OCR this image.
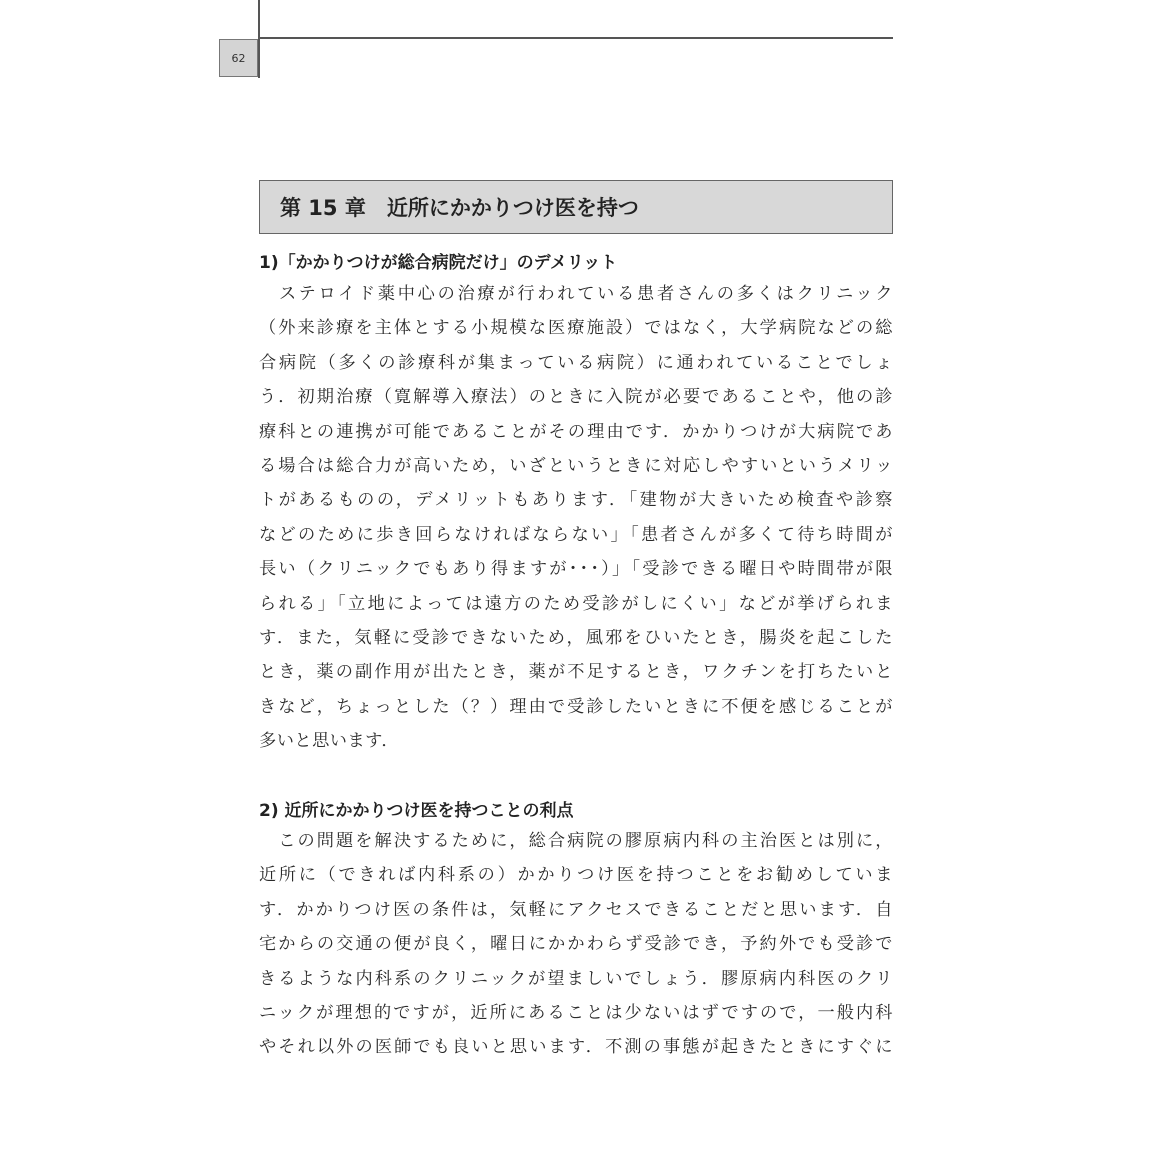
62
第 15 章　近所にかかりつけ医を持つ
1)「かかりつけが総合病院だけ」のデメリット
　ステロイド薬中心の治療が行われている患者さんの多くはクリニック
（外来診療を主体とする小規模な医療施設）ではなく，大学病院などの総
合病院（多くの診療科が集まっている病院）に通われていることでしょ
う．初期治療（寛解導入療法）のときに入院が必要であることや，他の診
療科との連携が可能であることがその理由です．かかりつけが大病院であ
る場合は総合力が高いため，いざというときに対応しやすいというメリッ
トがあるものの，デメリットもあります．「建物が大きいため検査や診察
などのために歩き回らなければならない」「患者さんが多くて待ち時間が
長い（クリニックでもあり得ますが･･･）」「受診できる曜日や時間帯が限
られる」「立地によっては遠方のため受診がしにくい」などが挙げられま
す．また，気軽に受診できないため，風邪をひいたとき，腸炎を起こした
とき，薬の副作用が出たとき，薬が不足するとき，ワクチンを打ちたいと
きなど，ちょっとした（？）理由で受診したいときに不便を感じることが
多いと思います．
2) 近所にかかりつけ医を持つことの利点
　この問題を解決するために，総合病院の膠原病内科の主治医とは別に，
近所に（できれば内科系の）かかりつけ医を持つことをお勧めしていま
す．かかりつけ医の条件は，気軽にアクセスできることだと思います．自
宅からの交通の便が良く，曜日にかかわらず受診でき，予約外でも受診で
きるような内科系のクリニックが望ましいでしょう．膠原病内科医のクリ
ニックが理想的ですが，近所にあることは少ないはずですので，一般内科
やそれ以外の医師でも良いと思います．不測の事態が起きたときにすぐに
